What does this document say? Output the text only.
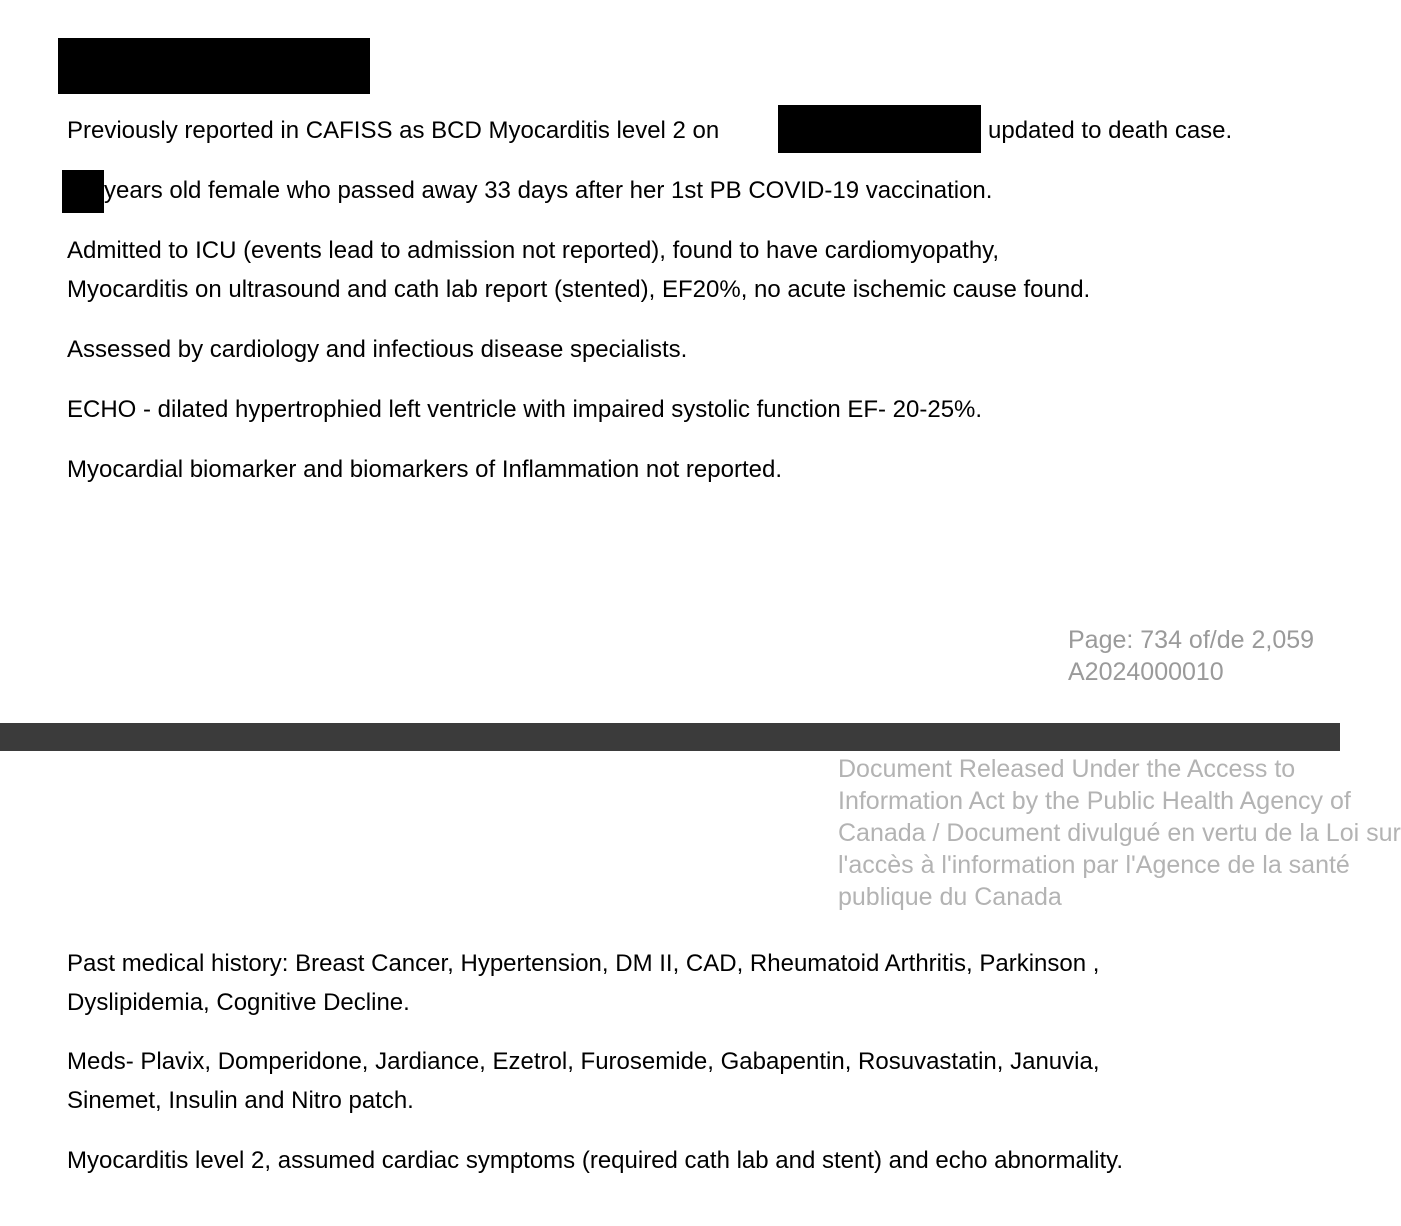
Previously reported in CAFISS as BCD Myocarditis level 2 on	updated to death case.
years old female who passed away 33 days after her 1st PB COVID-19 vaccination.
Admitted to ICU (events lead to admission not reported), found to have cardiomyopathy,
Myocarditis on ultrasound and cath lab report (stented), EF20%, no acute ischemic cause found.
Assessed by cardiology and infectious disease specialists.
ECHO - dilated hypertrophied left ventricle with impaired systolic function EF- 20-25%.
Myocardial biomarker and biomarkers of Inflammation not reported.
Page: 734 of/de 2,059
A2024000010
Document Released Under the Access to
Information Act by the Public Health Agency of
Canada / Document divulgué en vertu de la Loi sur
l'accès à l'information par l'Agence de la santé
publique du Canada
Past medical history: Breast Cancer, Hypertension, DM II, CAD, Rheumatoid Arthritis, Parkinson ,
Dyslipidemia, Cognitive Decline.
Meds- Plavix, Domperidone, Jardiance, Ezetrol, Furosemide, Gabapentin, Rosuvastatin, Januvia,
Sinemet, Insulin and Nitro patch.
Myocarditis level 2, assumed cardiac symptoms (required cath lab and stent) and echo abnormality.
